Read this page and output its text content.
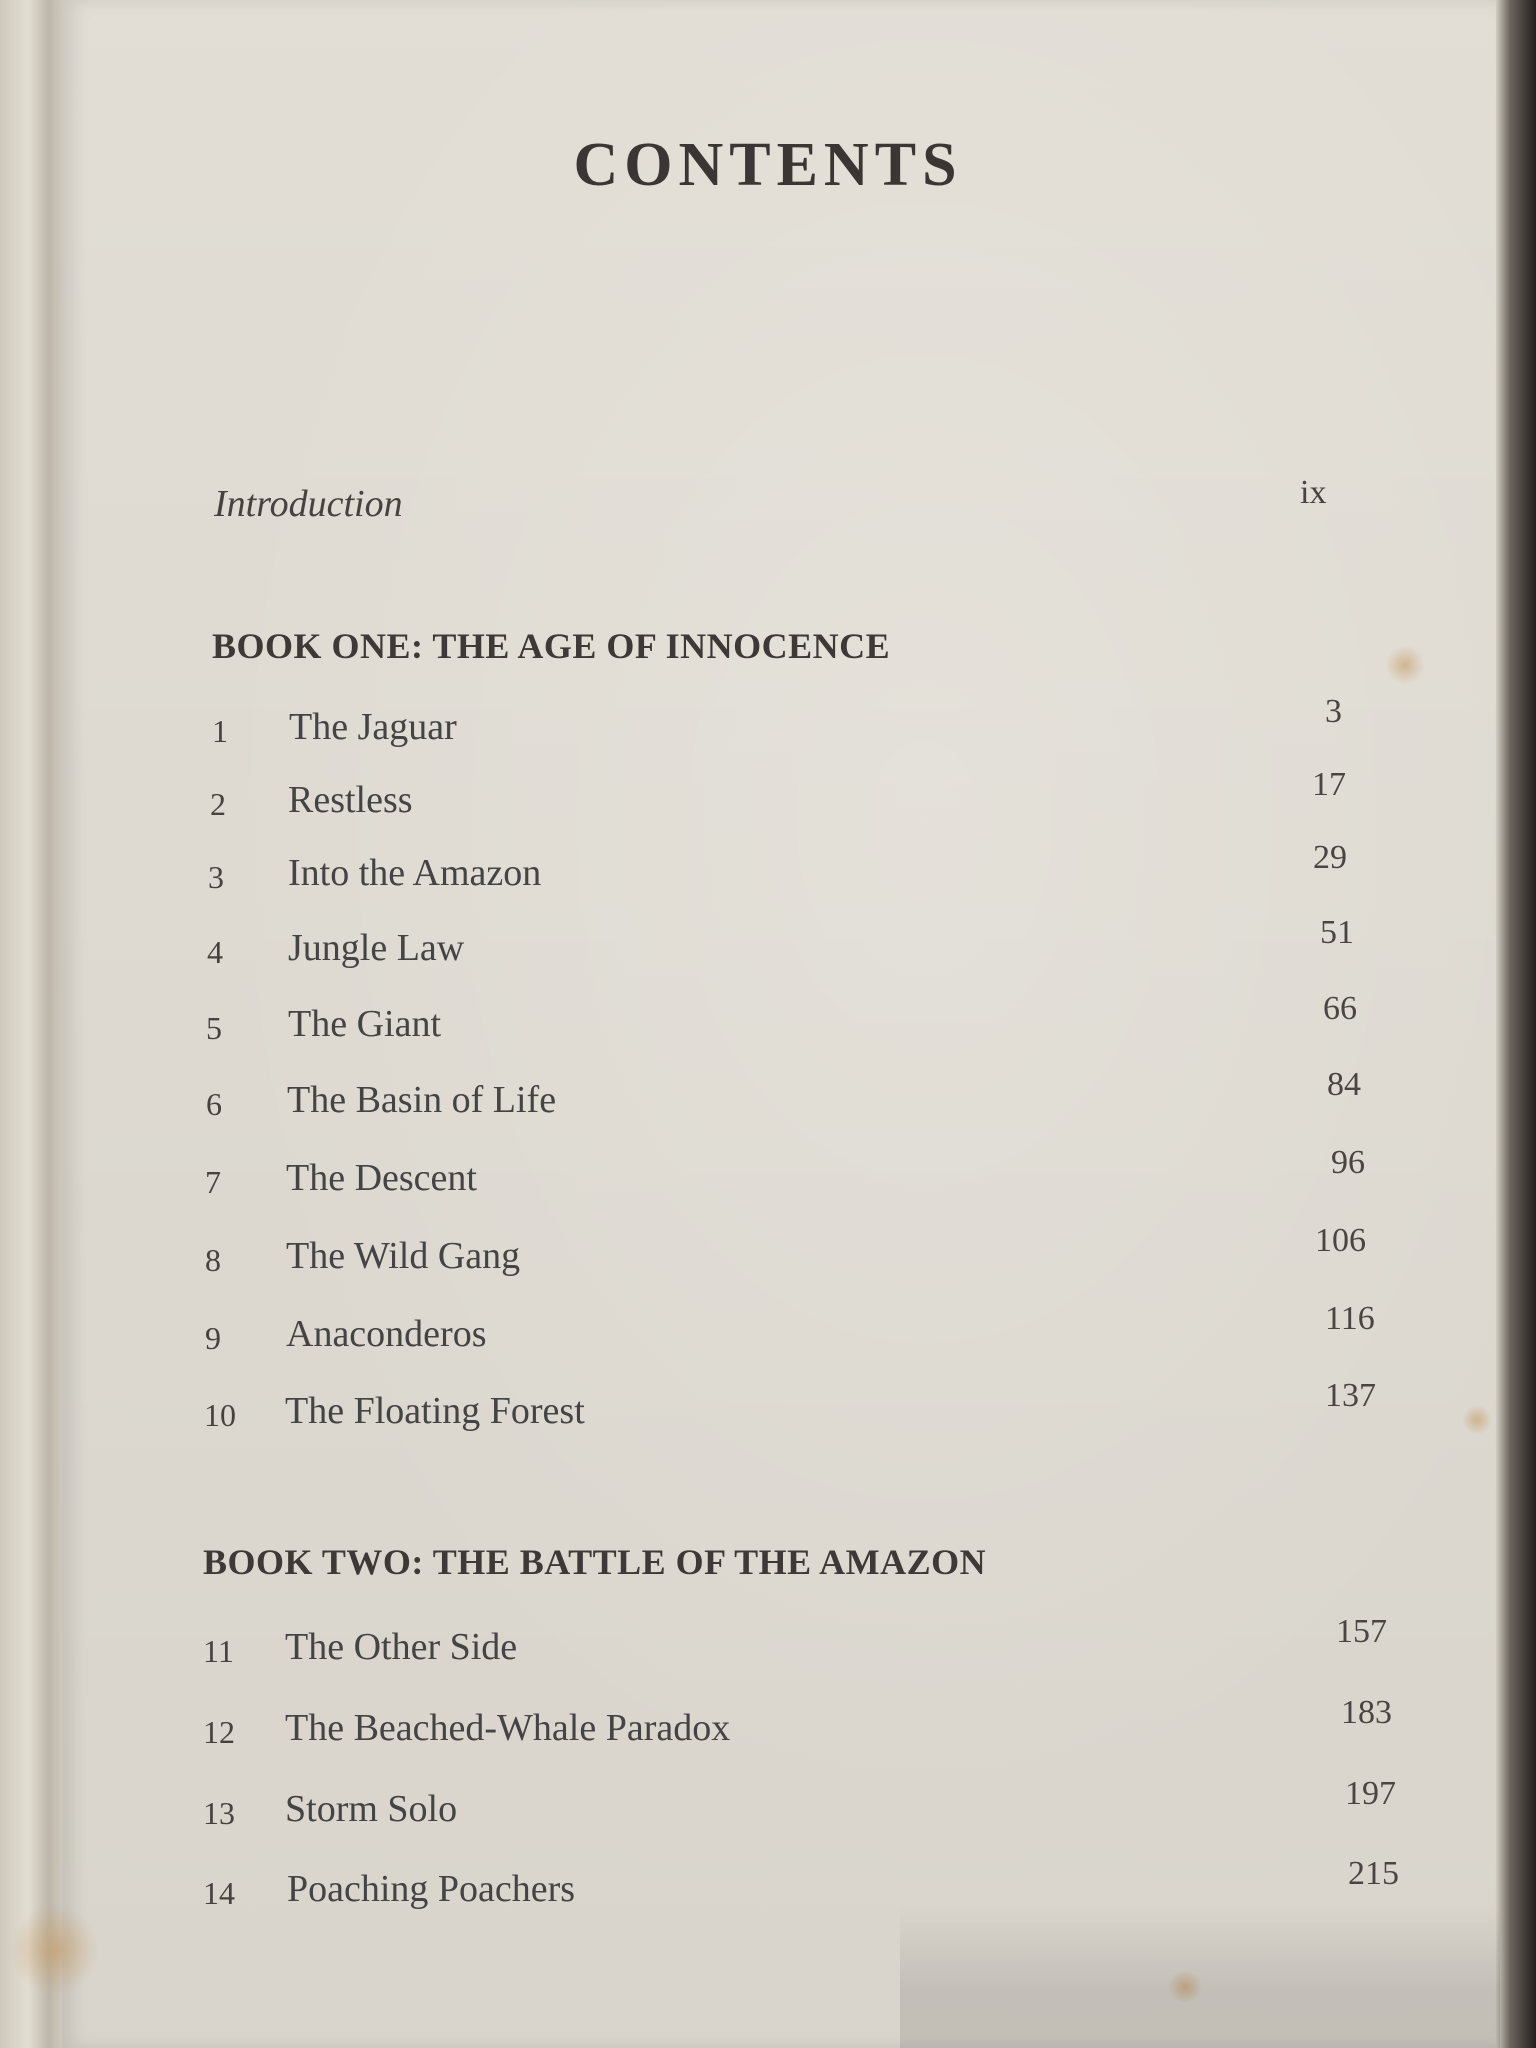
CONTENTS
Introduction	ix
BOOK ONE: THE AGE OF INNOCENCE
1 The Jaguar	3
2 Restless	17
3 Into the Amazon	29
4 Jungle Law	51
5 The Giant	66
6 The Basin of Life	84
7 The Descent	96
8 The Wild Gang	106
9 Anaconderos	116
10 The Floating Forest	137
BOOK TWO: THE BATTLE OF THE AMAZON
11 The Other Side	157
12 The Beached-Whale Paradox	183
13 Storm Solo	197
14 Poaching Poachers	215
